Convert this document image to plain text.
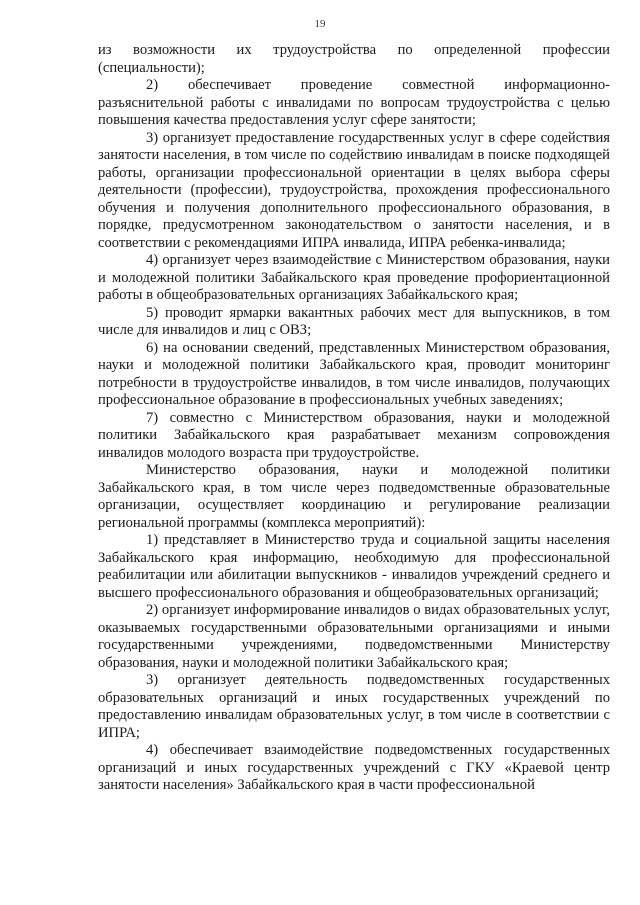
19

из возможности их трудоустройства по определенной профессии (специальности);

2) обеспечивает проведение совместной информационно-разъяснительной работы с инвалидами по вопросам трудоустройства с целью повышения качества предоставления услуг сфере занятости;

3) организует предоставление государственных услуг в сфере содействия занятости населения, в том числе по содействию инвалидам в поиске подходящей работы, организации профессиональной ориентации в целях выбора сферы деятельности (профессии), трудоустройства, прохождения профессионального обучения и получения дополнительного профессионального образования, в порядке, предусмотренном законодательством о занятости населения, и в соответствии с рекомендациями ИПРА инвалида, ИПРА ребенка-инвалида;

4) организует через взаимодействие с Министерством образования, науки и молодежной политики Забайкальского края проведение профориентационной работы в общеобразовательных организациях Забайкальского края;

5) проводит ярмарки вакантных рабочих мест для выпускников, в том числе для инвалидов и лиц с ОВЗ;

6) на основании сведений, представленных Министерством образования, науки и молодежной политики Забайкальского края, проводит мониторинг потребности в трудоустройстве инвалидов, в том числе инвалидов, получающих профессиональное образование в профессиональных учебных заведениях;

7) совместно с Министерством образования, науки и молодежной политики Забайкальского края разрабатывает механизм сопровождения инвалидов молодого возраста при трудоустройстве.

Министерство образования, науки и молодежной политики Забайкальского края, в том числе через подведомственные образовательные организации, осуществляет координацию и регулирование реализации региональной программы (комплекса мероприятий):

1) представляет в Министерство труда и социальной защиты населения Забайкальского края информацию, необходимую для профессиональной реабилитации или абилитации выпускников - инвалидов учреждений среднего и высшего профессионального образования и общеобразовательных организаций;

2) организует информирование инвалидов о видах образовательных услуг, оказываемых государственными образовательными организациями и иными государственными учреждениями, подведомственными Министерству образования, науки и молодежной политики Забайкальского края;

3) организует деятельность подведомственных государственных образовательных организаций и иных государственных учреждений по предоставлению инвалидам образовательных услуг, в том числе в соответствии с ИПРА;

4) обеспечивает взаимодействие подведомственных государственных организаций и иных государственных учреждений с ГКУ «Краевой центр занятости населения» Забайкальского края в части профессиональной
